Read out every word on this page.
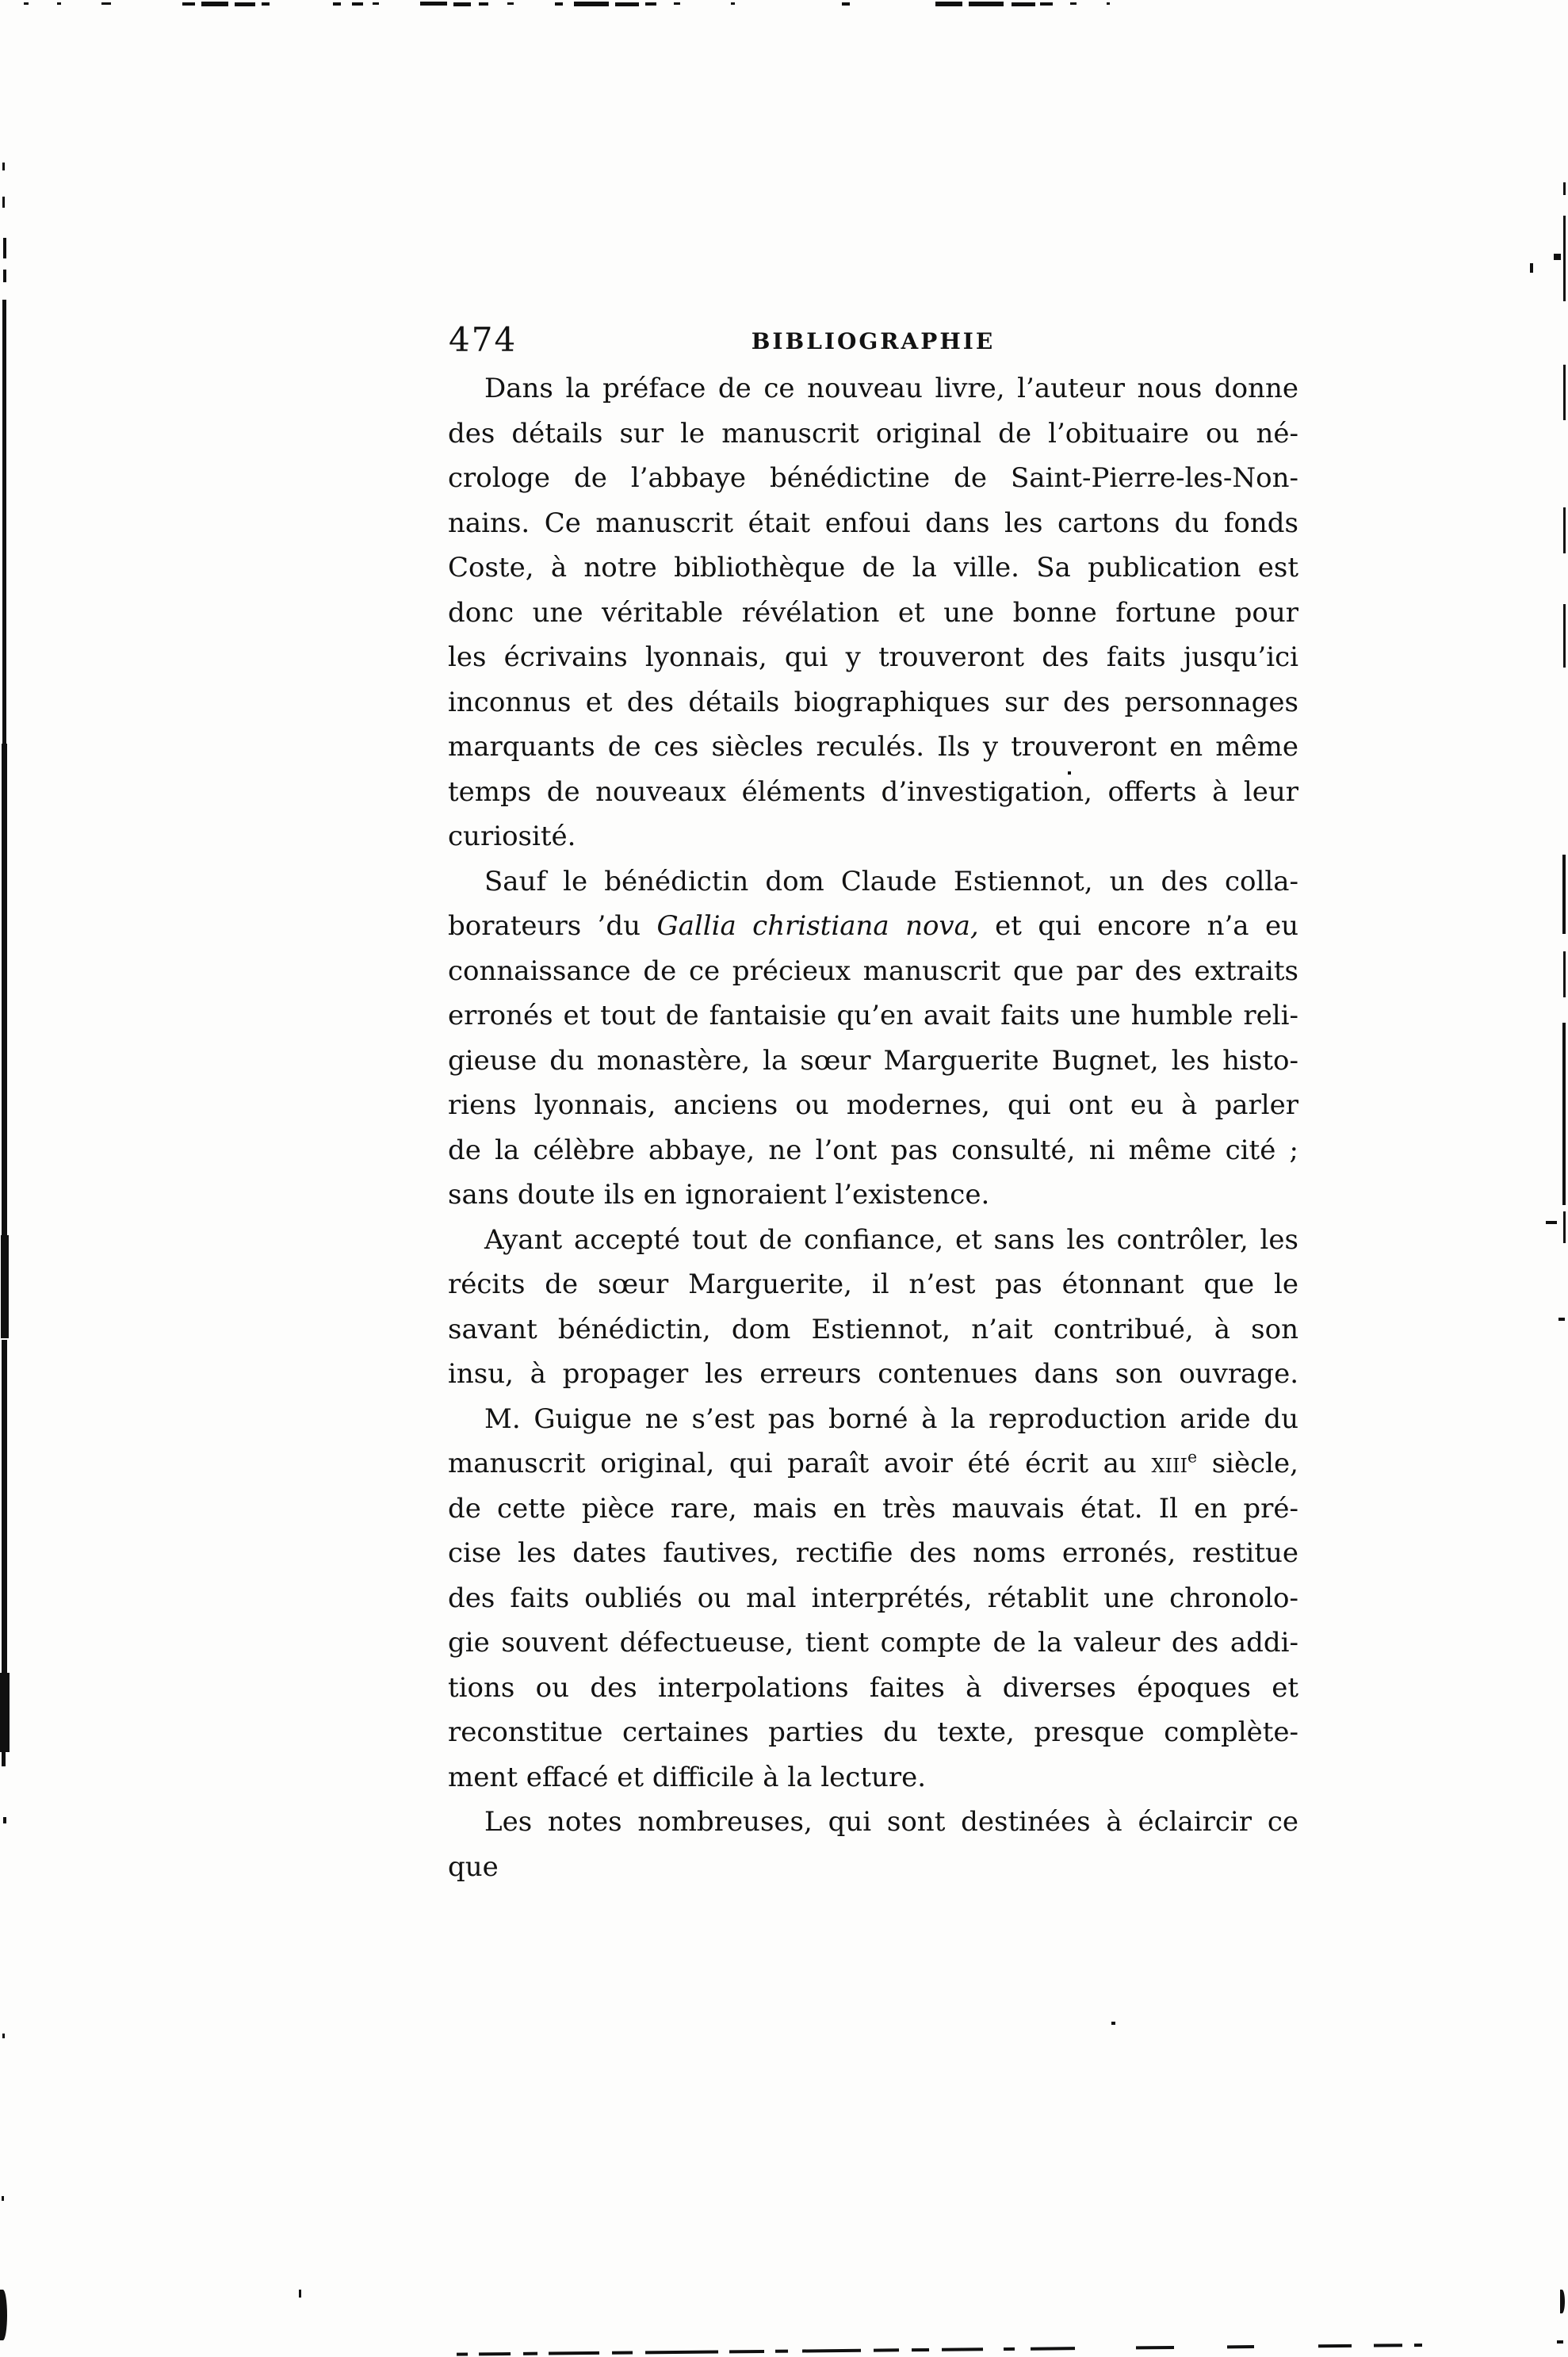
474	BIBLIOGRAPHIE
Dans la préface de ce nouveau livre, l’auteur nous donne
des détails sur le manuscrit original de l’obituaire ou né-
crologe de l’abbaye bénédictine de Saint-Pierre-les-Non-
nains. Ce manuscrit était enfoui dans les cartons du fonds
Coste, à notre bibliothèque de la ville. Sa publication est
donc une véritable révélation et une bonne fortune pour
les écrivains lyonnais, qui y trouveront des faits jusqu’ici
inconnus et des détails biographiques sur des personnages
marquants de ces siècles reculés. Ils y trouveront en même
temps de nouveaux éléments d’investigation, offerts à leur
curiosité.
Sauf le bénédictin dom Claude Estiennot, un des colla-
borateurs ’du Gallia christiana nova, et qui encore n’a eu
connaissance de ce précieux manuscrit que par des extraits
erronés et tout de fantaisie qu’en avait faits une humble reli-
gieuse du monastère, la sœur Marguerite Bugnet, les histo-
riens lyonnais, anciens ou modernes, qui ont eu à parler
de la célèbre abbaye, ne l’ont pas consulté, ni même cité ;
sans doute ils en ignoraient l’existence.
Ayant accepté tout de confiance, et sans les contrôler, les
récits de sœur Marguerite, il n’est pas étonnant que le
savant bénédictin, dom Estiennot, n’ait contribué, à son
insu, à propager les erreurs contenues dans son ouvrage.
M. Guigue ne s’est pas borné à la reproduction aride du
manuscrit original, qui paraît avoir été écrit au xiii$^e$ siècle,
de cette pièce rare, mais en très mauvais état. Il en pré-
cise les dates fautives, rectifie des noms erronés, restitue
des faits oubliés ou mal interprétés, rétablit une chronolo-
gie souvent défectueuse, tient compte de la valeur des addi-
tions ou des interpolations faites à diverses époques et
reconstitue certaines parties du texte, presque complète-
ment effacé et difficile à la lecture.
Les notes nombreuses, qui sont destinées à éclaircir ce que
